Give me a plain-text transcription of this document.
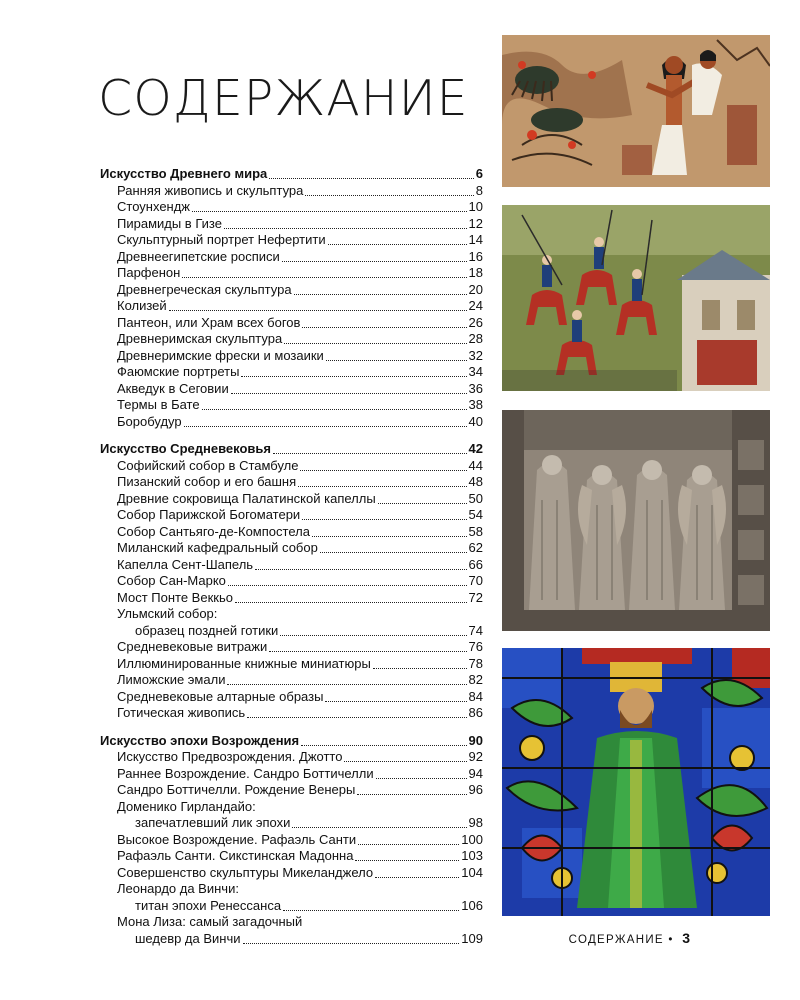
СОДЕРЖАНИЕ
Искусство Древнего мира	6
Ранняя живопись и скульптура	8
Стоунхендж	10
Пирамиды в Гизе	12
Скульптурный портрет Нефертити	14
Древнеегипетские росписи	16
Парфенон	18
Древнегреческая скульптура	20
Колизей	24
Пантеон, или Храм всех богов	26
Древнеримская скульптура	28
Древнеримские фрески и мозаики	32
Фаюмские портреты	34
Акведук в Сеговии	36
Термы в Бате	38
Боробудур	40
Искусство Средневековья	42
Софийский собор в Стамбуле	44
Пизанский собор и его башня	48
Древние сокровища Палатинской капеллы	50
Собор Парижской Богоматери	54
Собор Сантьяго-де-Компостела	58
Миланский кафедральный собор	62
Капелла Сент-Шапель	66
Собор Сан-Марко	70
Мост Понте Веккьо	72
Ульмский собор:
образец поздней готики	74
Средневековые витражи	76
Иллюминированные книжные миниатюры	78
Лиможские эмали	82
Средневековые алтарные образы	84
Готическая живопись	86
Искусство эпохи Возрождения	90
Искусство Предвозрождения. Джотто	92
Раннее Возрождение. Сандро Боттичелли	94
Сандро Боттичелли. Рождение Венеры	96
Доменико Гирландайо:
запечатлевший лик эпохи	98
Высокое Возрождение. Рафаэль Санти	100
Рафаэль Санти. Сикстинская Мадонна	103
Совершенство скульптуры Микеланджело	104
Леонардо да Винчи:
титан эпохи Ренессанса	106
Мона Лиза: самый загадочный
шедевр да Винчи	109	СОДЕРЖАНИЕ • 3
